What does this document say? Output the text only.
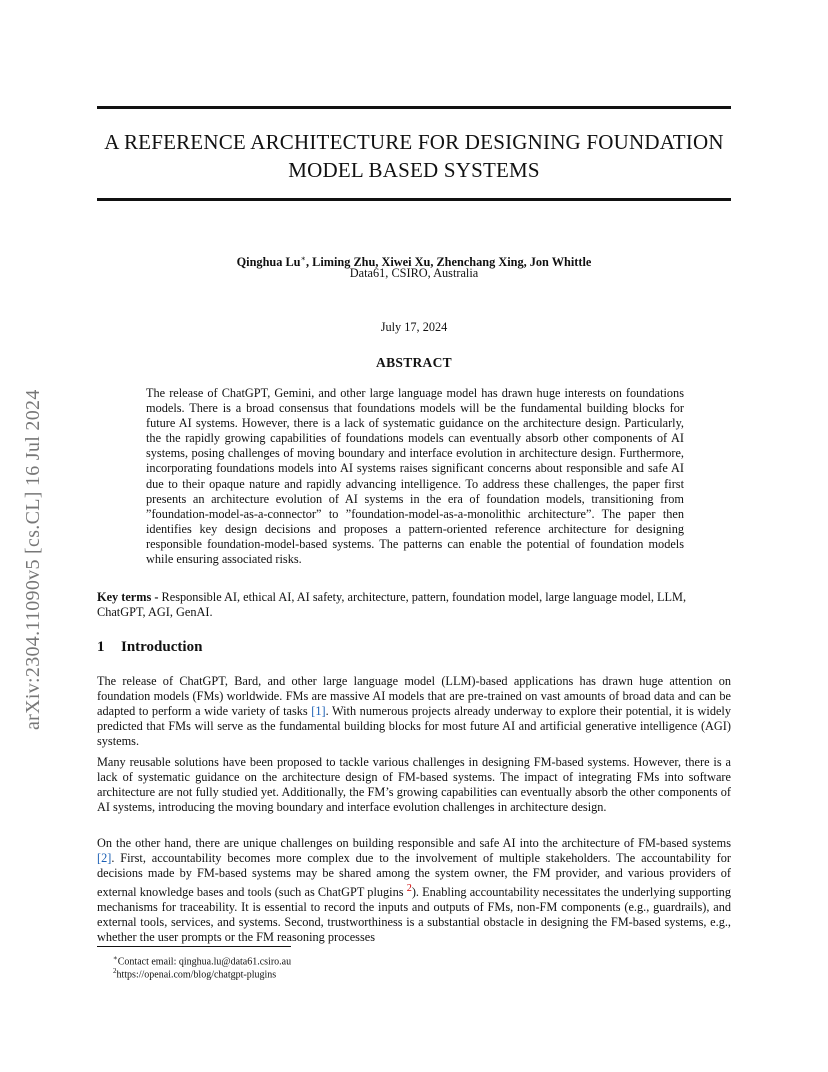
arXiv:2304.11090v5 [cs.CL] 16 Jul 2024
A REFERENCE ARCHITECTURE FOR DESIGNING FOUNDATION
MODEL BASED SYSTEMS
Qinghua Lu∗, Liming Zhu, Xiwei Xu, Zhenchang Xing, Jon Whittle
Data61, CSIRO, Australia
July 17, 2024
ABSTRACT

The release of ChatGPT, Gemini, and other large language model has drawn huge interests on foundations models. There is a broad consensus that foundations models will be the fundamental building blocks for future AI systems. However, there is a lack of systematic guidance on the architecture design. Particularly, the the rapidly growing capabilities of foundations models can eventually absorb other components of AI systems, posing challenges of moving boundary and interface evolution in architecture design. Furthermore, incorporating foundations models into AI systems raises significant concerns about responsible and safe AI due to their opaque nature and rapidly advancing intelligence. To address these challenges, the paper first presents an architecture evolution of AI systems in the era of foundation models, transitioning from ”foundation-model-as-a-connector” to ”foundation-model-as-a-monolithic architecture”. The paper then identifies key design decisions and proposes a pattern-oriented reference architecture for designing responsible foundation-model-based systems. The patterns can enable the potential of foundation models while ensuring associated risks.

Key terms - Responsible AI, ethical AI, AI safety, architecture, pattern, foundation model, large language model, LLM, ChatGPT, AGI, GenAI.

1 Introduction

The release of ChatGPT, Bard, and other large language model (LLM)-based applications has drawn huge attention on foundation models (FMs) worldwide. FMs are massive AI models that are pre-trained on vast amounts of broad data and can be adapted to perform a wide variety of tasks [1]. With numerous projects already underway to explore their potential, it is widely predicted that FMs will serve as the fundamental building blocks for most future AI and artificial generative intelligence (AGI) systems.

Many reusable solutions have been proposed to tackle various challenges in designing FM-based systems. However, there is a lack of systematic guidance on the architecture design of FM-based systems. The impact of integrating FMs into software architecture are not fully studied yet. Additionally, the FM’s growing capabilities can eventually absorb the other components of AI systems, introducing the moving boundary and interface evolution challenges in architecture design.

On the other hand, there are unique challenges on building responsible and safe AI into the architecture of FM-based systems [2]. First, accountability becomes more complex due to the involvement of multiple stakeholders. The accountability for decisions made by FM-based systems may be shared among the system owner, the FM provider, and various providers of external knowledge bases and tools (such as ChatGPT plugins $^2$). Enabling accountability necessitates the underlying supporting mechanisms for traceability. It is essential to record the inputs and outputs of FMs, non-FM components (e.g., guardrails), and external tools, services, and systems. Second, trustworthiness is a substantial obstacle in designing the FM-based systems, e.g., whether the user prompts or the FM reasoning processes

∗Contact email: qinghua.lu@data61.csiro.au
$^2$https://openai.com/blog/chatgpt-plugins
